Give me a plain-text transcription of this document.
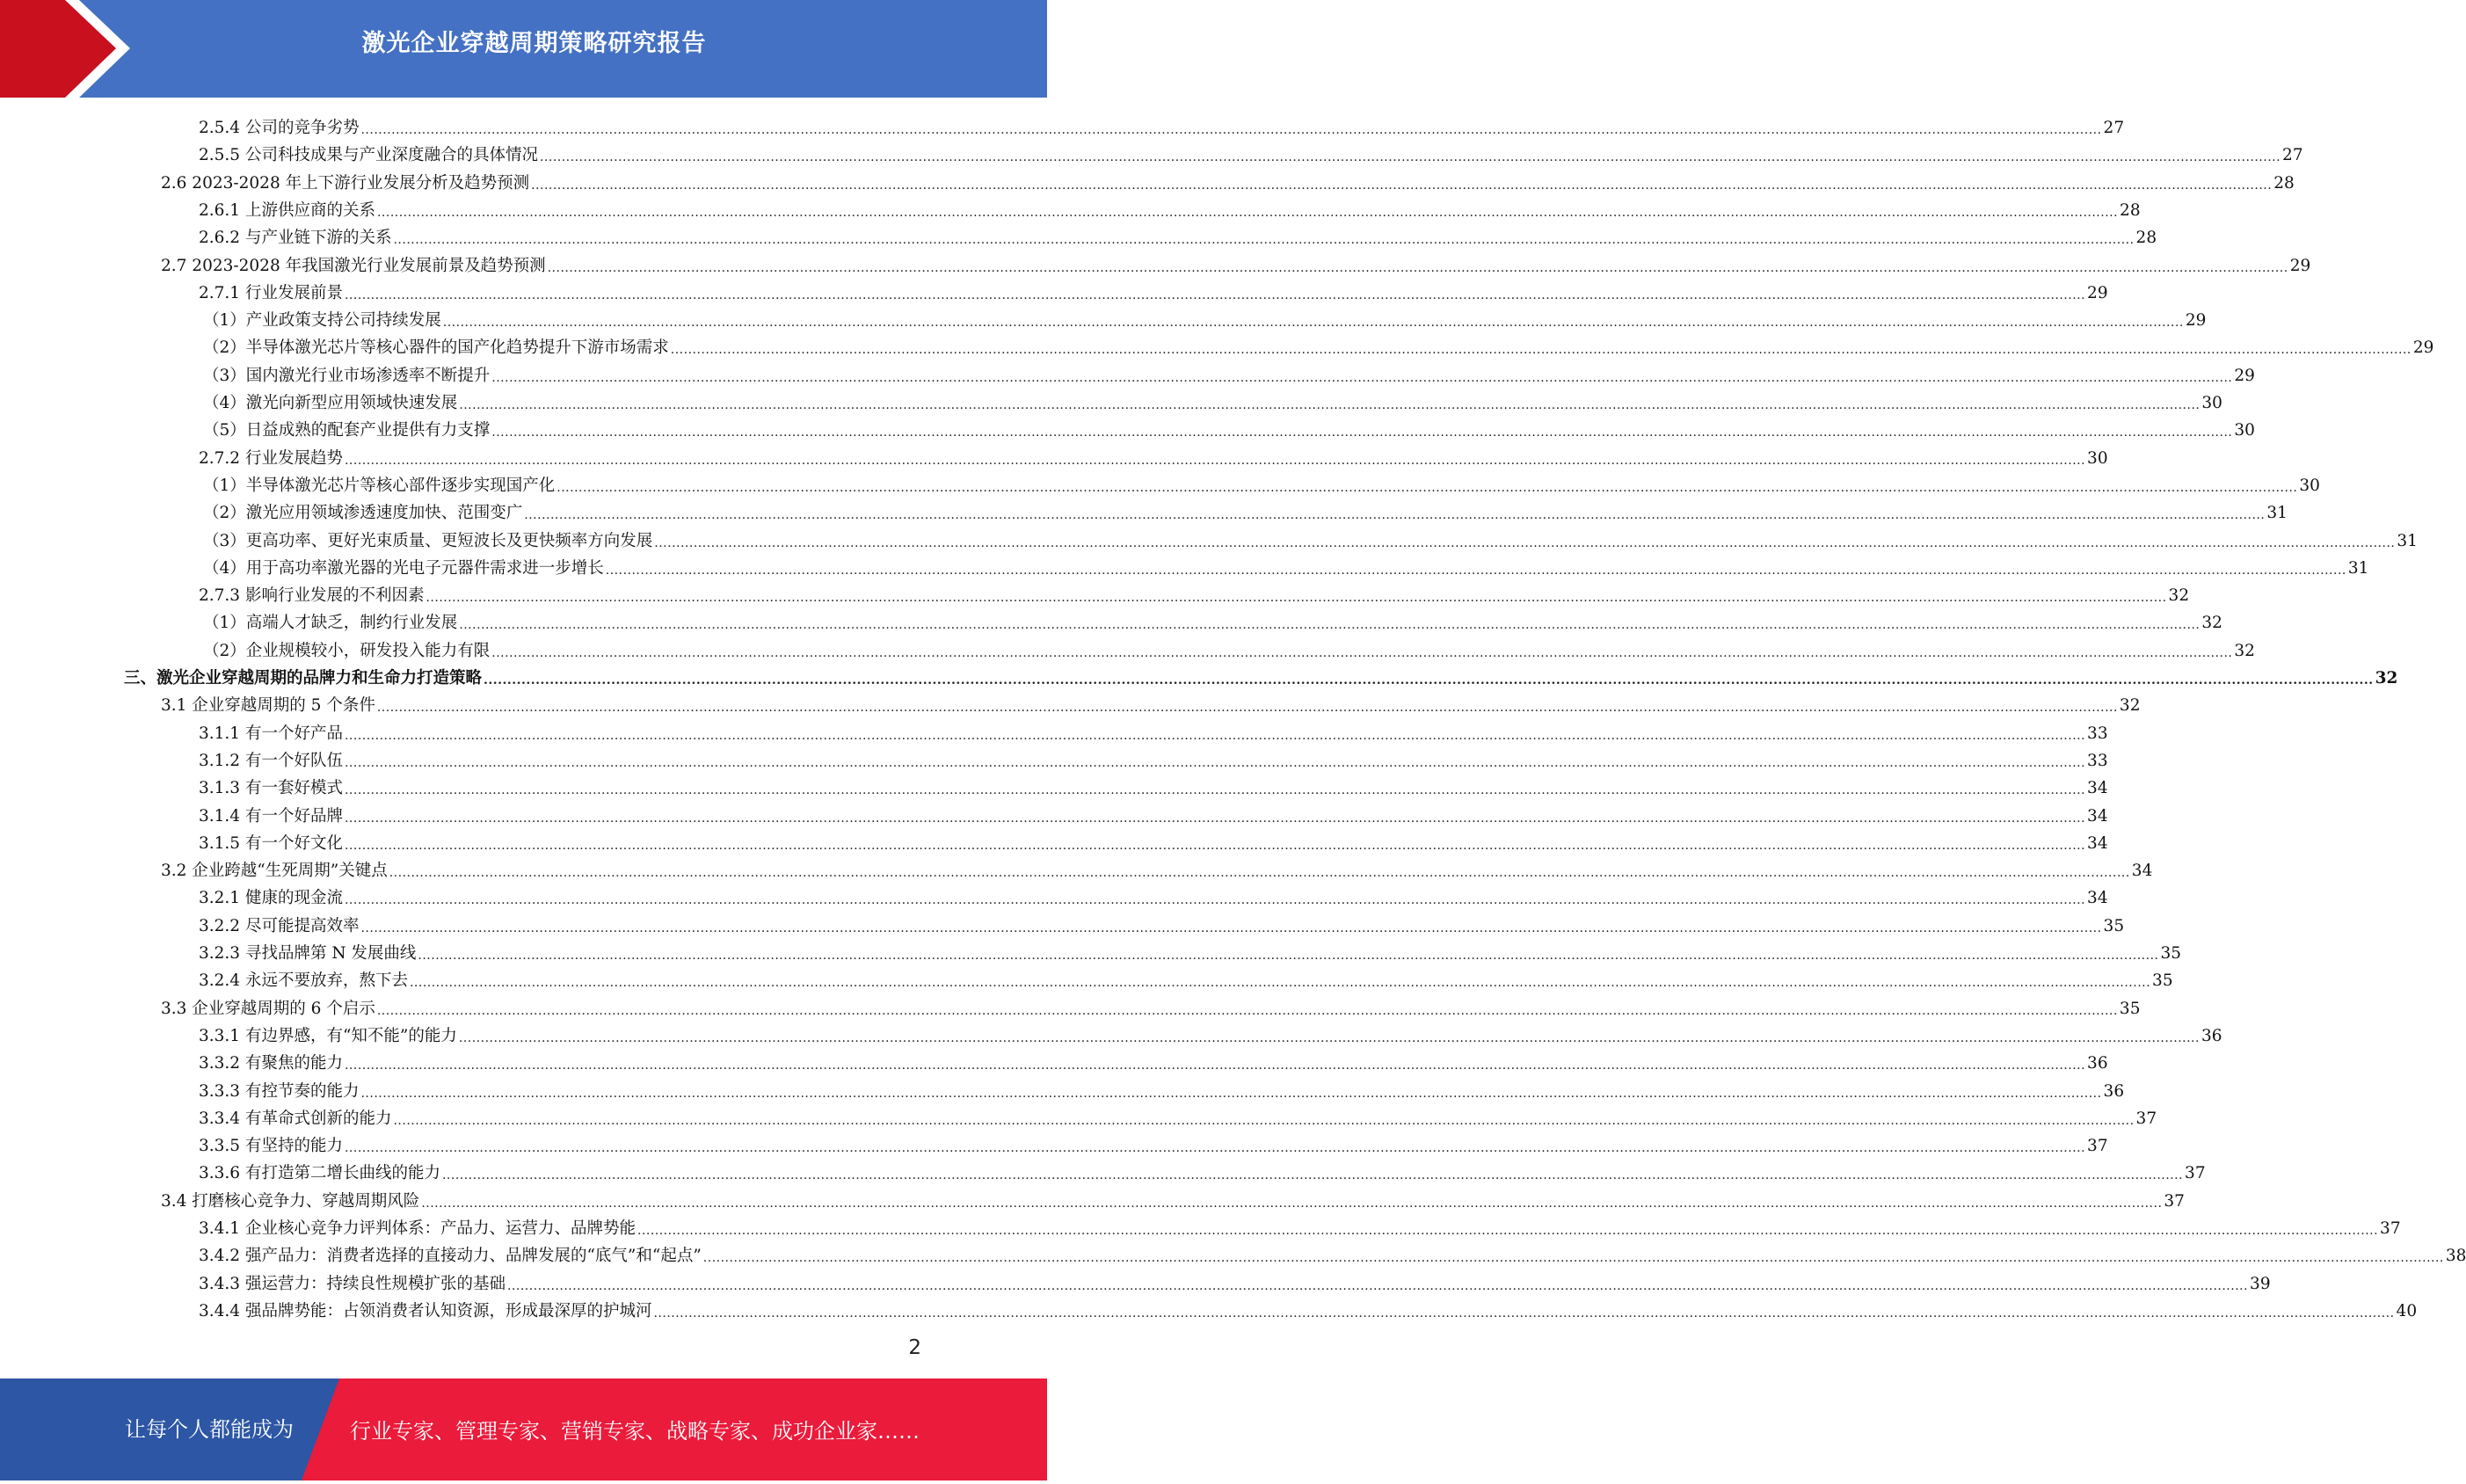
激光企业穿越周期策略研究报告
2.5.4 公司的竞争劣势 ................................................................................................................................................................................................................................................................................................................................................................................................................ 27
2.5.5 公司科技成果与产业深度融合的具体情况 ................................................................................................................................................................................................................................................................................................................................................................................................................ 27
2.6 2023-2028 年上下游行业发展分析及趋势预测 ................................................................................................................................................................................................................................................................................................................................................................................................................ 28
2.6.1 上游供应商的关系 ................................................................................................................................................................................................................................................................................................................................................................................................................ 28
2.6.2 与产业链下游的关系 ................................................................................................................................................................................................................................................................................................................................................................................................................ 28
2.7 2023-2028 年我国激光行业发展前景及趋势预测 ................................................................................................................................................................................................................................................................................................................................................................................................................ 29
2.7.1 行业发展前景 ................................................................................................................................................................................................................................................................................................................................................................................................................ 29
（1）产业政策支持公司持续发展 ................................................................................................................................................................................................................................................................................................................................................................................................................ 29
（2）半导体激光芯片等核心器件的国产化趋势提升下游市场需求 ................................................................................................................................................................................................................................................................................................................................................................................................................ 29
（3）国内激光行业市场渗透率不断提升 ................................................................................................................................................................................................................................................................................................................................................................................................................ 29
（4）激光向新型应用领域快速发展 ................................................................................................................................................................................................................................................................................................................................................................................................................ 30
（5）日益成熟的配套产业提供有力支撑 ................................................................................................................................................................................................................................................................................................................................................................................................................ 30
2.7.2 行业发展趋势 ................................................................................................................................................................................................................................................................................................................................................................................................................ 30
（1）半导体激光芯片等核心部件逐步实现国产化 ................................................................................................................................................................................................................................................................................................................................................................................................................ 30
（2）激光应用领域渗透速度加快、范围变广 ................................................................................................................................................................................................................................................................................................................................................................................................................ 31
（3）更高功率、更好光束质量、更短波长及更快频率方向发展 ................................................................................................................................................................................................................................................................................................................................................................................................................ 31
（4）用于高功率激光器的光电子元器件需求进一步增长 ................................................................................................................................................................................................................................................................................................................................................................................................................ 31
2.7.3 影响行业发展的不利因素 ................................................................................................................................................................................................................................................................................................................................................................................................................ 32
（1）高端人才缺乏，制约行业发展 ................................................................................................................................................................................................................................................................................................................................................................................................................ 32
（2）企业规模较小，研发投入能力有限 ................................................................................................................................................................................................................................................................................................................................................................................................................ 32
三、激光企业穿越周期的品牌力和生命力打造策略 ................................................................................................................................................................................................................................................................................................................................................................................................................ 32
3.1 企业穿越周期的 5 个条件 ................................................................................................................................................................................................................................................................................................................................................................................................................ 32
3.1.1 有一个好产品 ................................................................................................................................................................................................................................................................................................................................................................................................................ 33
3.1.2 有一个好队伍 ................................................................................................................................................................................................................................................................................................................................................................................................................ 33
3.1.3 有一套好模式 ................................................................................................................................................................................................................................................................................................................................................................................................................ 34
3.1.4 有一个好品牌 ................................................................................................................................................................................................................................................................................................................................................................................................................ 34
3.1.5 有一个好文化 ................................................................................................................................................................................................................................................................................................................................................................................................................ 34
3.2 企业跨越“生死周期”关键点 ................................................................................................................................................................................................................................................................................................................................................................................................................ 34
3.2.1 健康的现金流 ................................................................................................................................................................................................................................................................................................................................................................................................................ 34
3.2.2 尽可能提高效率 ................................................................................................................................................................................................................................................................................................................................................................................................................ 35
3.2.3 寻找品牌第 N 发展曲线 ................................................................................................................................................................................................................................................................................................................................................................................................................ 35
3.2.4 永远不要放弃，熬下去 ................................................................................................................................................................................................................................................................................................................................................................................................................ 35
3.3 企业穿越周期的 6 个启示 ................................................................................................................................................................................................................................................................................................................................................................................................................ 35
3.3.1 有边界感，有“知不能”的能力 ................................................................................................................................................................................................................................................................................................................................................................................................................ 36
3.3.2 有聚焦的能力 ................................................................................................................................................................................................................................................................................................................................................................................................................ 36
3.3.3 有控节奏的能力 ................................................................................................................................................................................................................................................................................................................................................................................................................ 36
3.3.4 有革命式创新的能力 ................................................................................................................................................................................................................................................................................................................................................................................................................ 37
3.3.5 有坚持的能力 ................................................................................................................................................................................................................................................................................................................................................................................................................ 37
3.3.6 有打造第二增长曲线的能力 ................................................................................................................................................................................................................................................................................................................................................................................................................ 37
3.4 打磨核心竞争力、穿越周期风险 ................................................................................................................................................................................................................................................................................................................................................................................................................ 37
3.4.1 企业核心竞争力评判体系：产品力、运营力、品牌势能 ................................................................................................................................................................................................................................................................................................................................................................................................................ 37
3.4.2 强产品力：消费者选择的直接动力、品牌发展的“底气”和“起点” ................................................................................................................................................................................................................................................................................................................................................................................................................ 38
3.4.3 强运营力：持续良性规模扩张的基础 ................................................................................................................................................................................................................................................................................................................................................................................................................ 39
3.4.4 强品牌势能：占领消费者认知资源，形成最深厚的护城河 ................................................................................................................................................................................................................................................................................................................................................................................................................ 40
2
让每个人都能成为	行业专家、管理专家、营销专家、战略专家、成功企业家……
